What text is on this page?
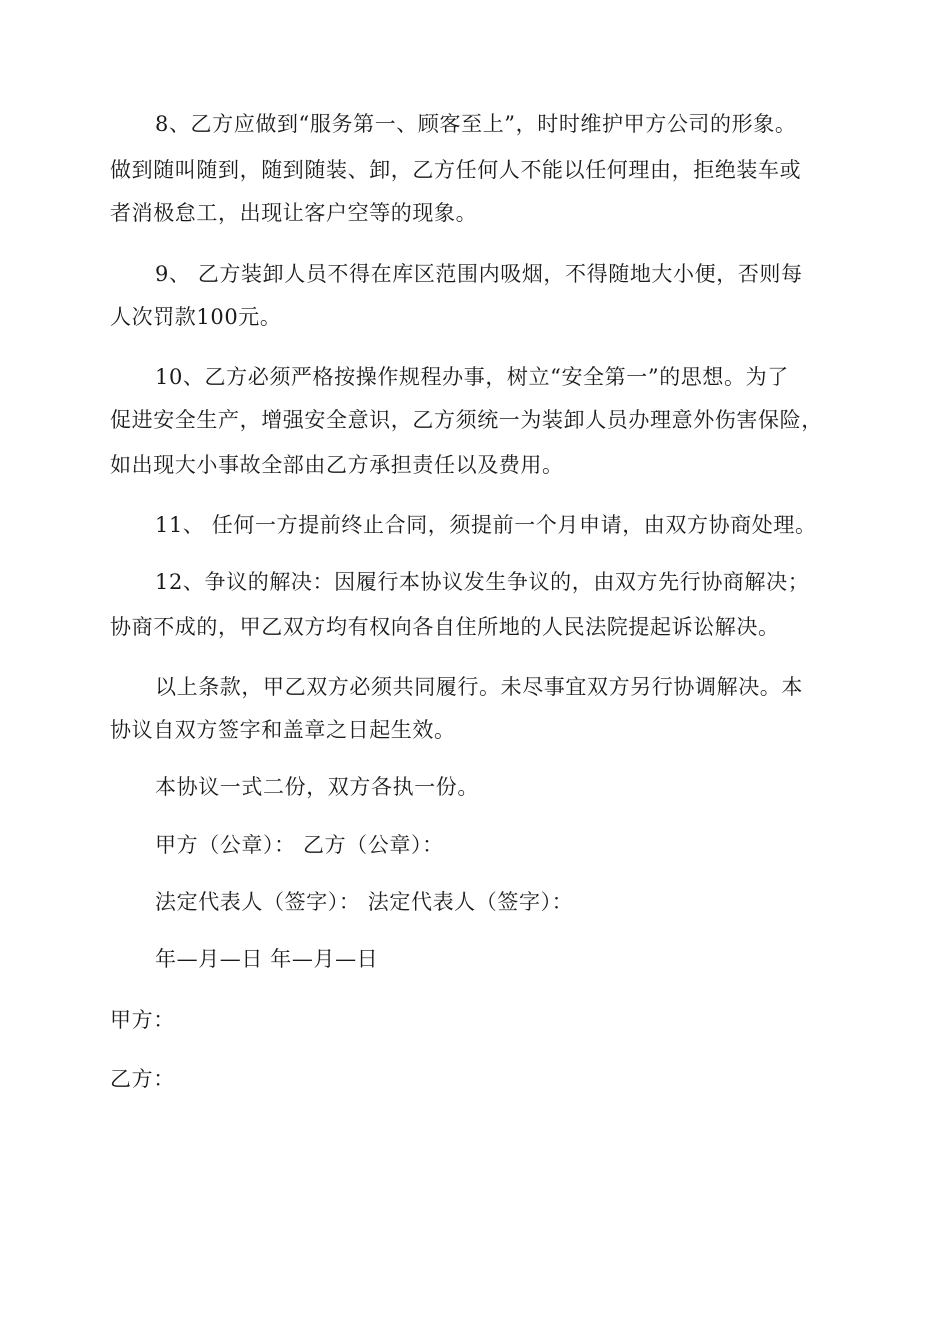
8、乙方应做到“服务第一、顾客至上”，时时维护甲方公司的形象。
做到随叫随到，随到随装、卸，乙方任何人不能以任何理由，拒绝装车或
者消极怠工，出现让客户空等的现象。
9、 乙方装卸人员不得在库区范围内吸烟，不得随地大小便，否则每
人次罚款100元。
10、乙方必须严格按操作规程办事，树立“安全第一”的思想。为了
促进安全生产，增强安全意识，乙方须统一为装卸人员办理意外伤害保险，
如出现大小事故全部由乙方承担责任以及费用。
11、 任何一方提前终止合同，须提前一个月申请，由双方协商处理。
12、争议的解决：因履行本协议发生争议的，由双方先行协商解决；
协商不成的，甲乙双方均有权向各自住所地的人民法院提起诉讼解决。
以上条款，甲乙双方必须共同履行。未尽事宜双方另行协调解决。本
协议自双方签字和盖章之日起生效。
本协议一式二份，双方各执一份。
甲方（公章）： 乙方（公章）：
法定代表人（签字）： 法定代表人（签字）：
年—月—日 年—月—日
甲方：
乙方：
